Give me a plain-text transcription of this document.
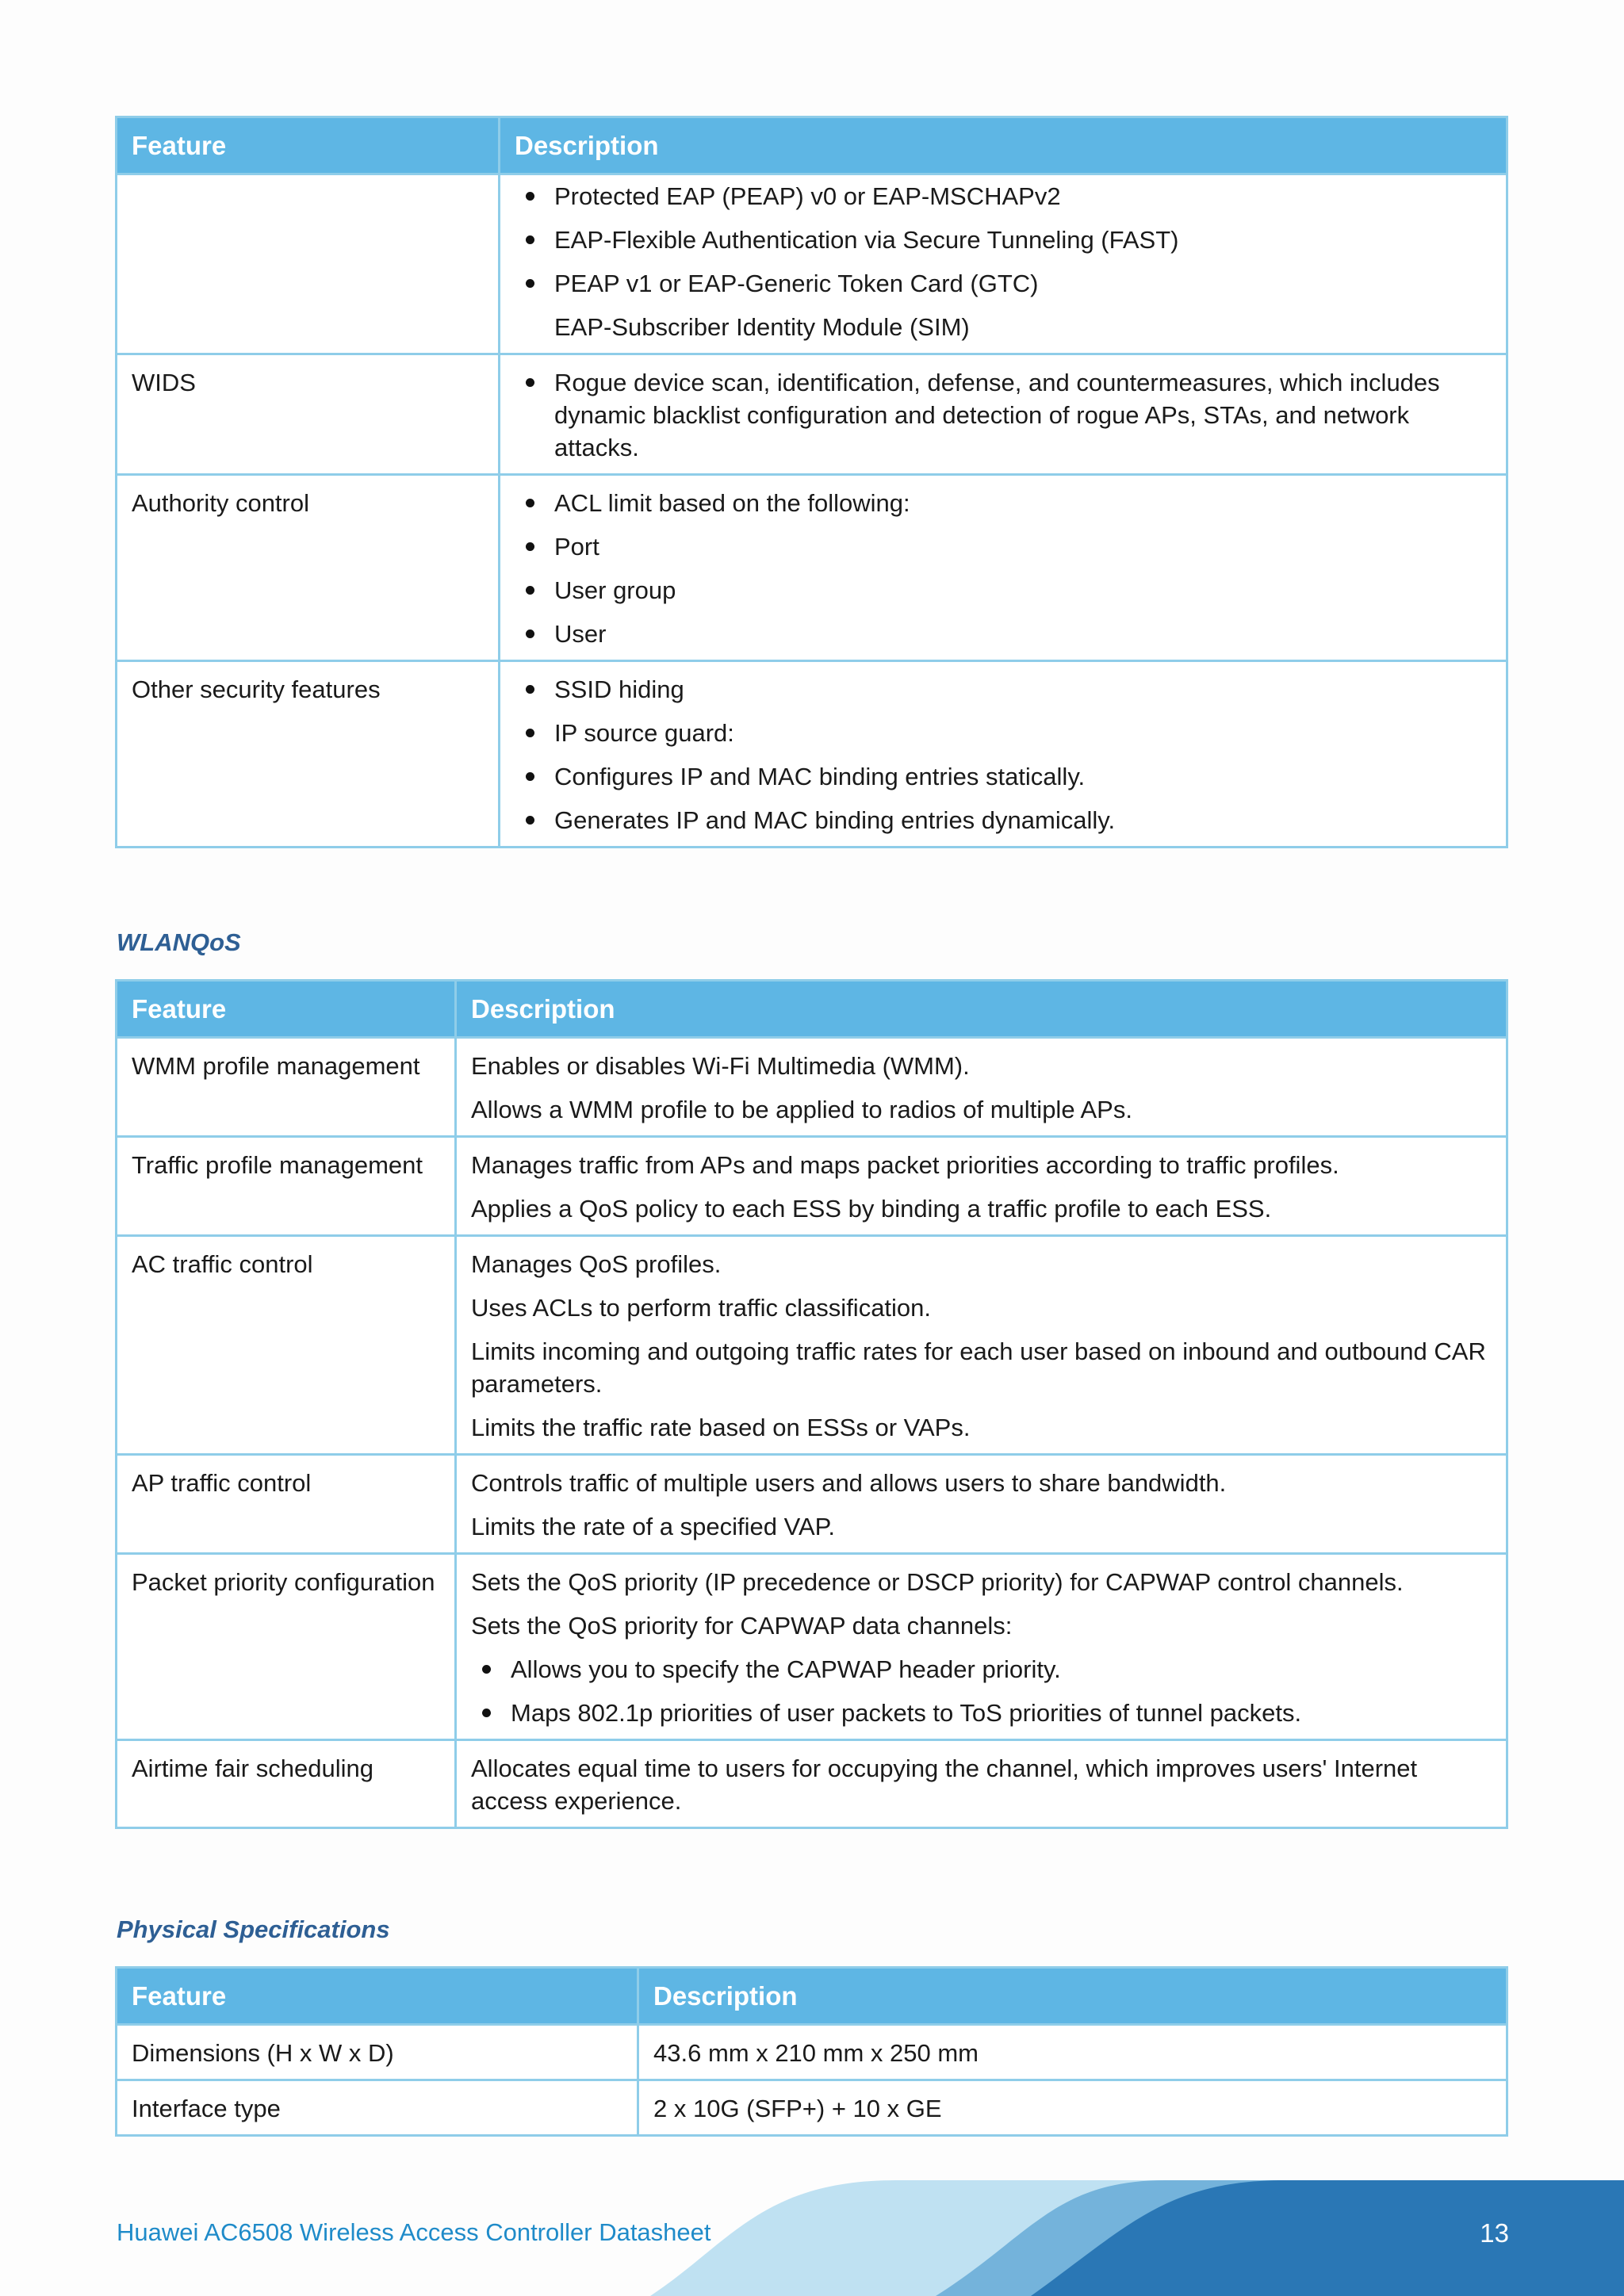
Feature	Description

Protected EAP (PEAP) v0 or EAP-MSCHAPv2
EAP-Flexible Authentication via Secure Tunneling (FAST)
PEAP v1 or EAP-Generic Token Card (GTC)
EAP-Subscriber Identity Module (SIM)

WIDS	Rogue device scan, identification, defense, and countermeasures, which includes dynamic blacklist configuration and detection of rogue APs, STAs, and network attacks.

Authority control	ACL limit based on the following:
Port
User group
User

Other security features	SSID hiding
IP source guard:
Configures IP and MAC binding entries statically.
Generates IP and MAC binding entries dynamically.
WLANQoS
Feature	Description
WMM profile management	Enables or disables Wi-Fi Multimedia (WMM).
Allows a WMM profile to be applied to radios of multiple APs.

Traffic profile management	Manages traffic from APs and maps packet priorities according to traffic profiles.
Applies a QoS policy to each ESS by binding a traffic profile to each ESS.

AC traffic control	Manages QoS profiles.
Uses ACLs to perform traffic classification.
Limits incoming and outgoing traffic rates for each user based on inbound and outbound CAR parameters.
Limits the traffic rate based on ESSs or VAPs.

AP traffic control	Controls traffic of multiple users and allows users to share bandwidth.
Limits the rate of a specified VAP.

Packet priority configuration	Sets the QoS priority (IP precedence or DSCP priority) for CAPWAP control channels.
Sets the QoS priority for CAPWAP data channels:
Allows you to specify the CAPWAP header priority.
Maps 802.1p priorities of user packets to ToS priorities of tunnel packets.

Airtime fair scheduling	Allocates equal time to users for occupying the channel, which improves users' Internet access experience.
Physical Specifications
Feature	Description
Dimensions (H x W x D)	43.6 mm x 210 mm x 250 mm
Interface type	2 x 10G (SFP+) + 10 x GE
Huawei AC6508 Wireless Access Controller Datasheet	13
